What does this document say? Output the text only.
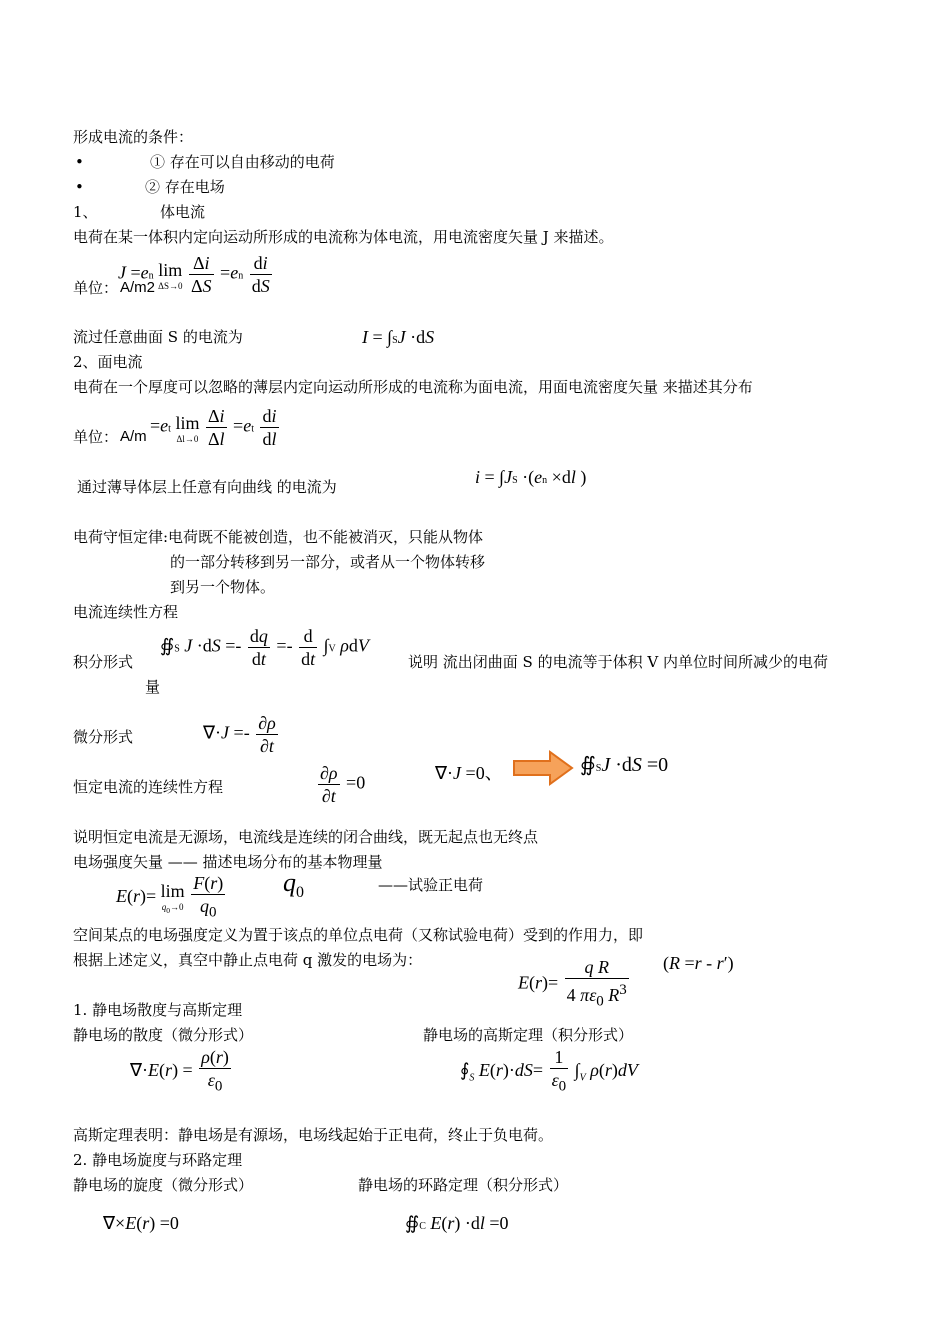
形成电流的条件：
•	① 存在可以自由移动的电荷
•	② 存在电场
1、	体电流
电荷在某一体积内定向运动所形成的电流称为体电流，用电流密度矢量 J 来描述。
单位： A/m2
J =en lim
ΔS→0
$\frac{\Delta i}{\Delta S} =en \frac{di}{dS}$
流过任意曲面 S 的电流为	I = ∫SJ ·dS
2、面电流
电荷在一个厚度可以忽略的薄层内定向运动所形成的电流称为面电流，用面电流密度矢量 来描述其分布
单位： A/m
=et lim
Δl→0
$\frac{\Delta i}{\Delta l} =et \frac{di}{dl}$
通过薄导体层上任意有向曲线 的电流为	i = ∫JS ·(en ×dl )
电荷守恒定律:电荷既不能被创造，也不能被消灭，只能从物体
的一部分转移到另一部分，或者从一个物体转移
到另一个物体。
电流连续性方程
积分形式
∯S $J \cdot dS =- \frac{dq}{dt} =- \frac{d}{dt} \int V$ ρdV
说明 流出闭曲面 S 的电流等于体积 V 内单位时间所减少的电荷
量
微分形式	$\nabla\cdot J =- \frac{\partial\rho}{\partial t}$
恒定电流的连续性方程	$\frac{\partial\rho}{\partial t} =0$	∇·J =0、	∯SJ ·dS =0
说明恒定电流是无源场，电流线是连续的闭合曲线，既无起点也无终点
电场强度矢量 —— 描述电场分布的基本物理量
E(r)= lim
$q_0\to 0$
$\frac{F(r)}{q_0} q_0$	——试验正电荷
空间某点的电场强度定义为置于该点的单位点电荷（又称试验电荷）受到的作用力，即
根据上述定义，真空中静止点电荷 q 激发的电场为：
$E(r)= \frac{\text{q R}}{4 \pi\varepsilon_0 R^3} (R =r - r')$
1. 静电场散度与高斯定理
静电场的散度（微分形式）	静电场的高斯定理（积分形式）
$\nabla\cdot E(r) = \frac{\rho(r)}{\varepsilon_0}$	$∮_S$ $E(r)\cdot dS= \frac{1}{\varepsilon_0} \int_V$ ρ(r)dV
高斯定理表明：静电场是有源场，电场线起始于正电荷，终止于负电荷。
2. 静电场旋度与环路定理
静电场的旋度（微分形式）	静电场的环路定理（积分形式）
∇×E(r) =0	∯C E(r) ·dl =0
